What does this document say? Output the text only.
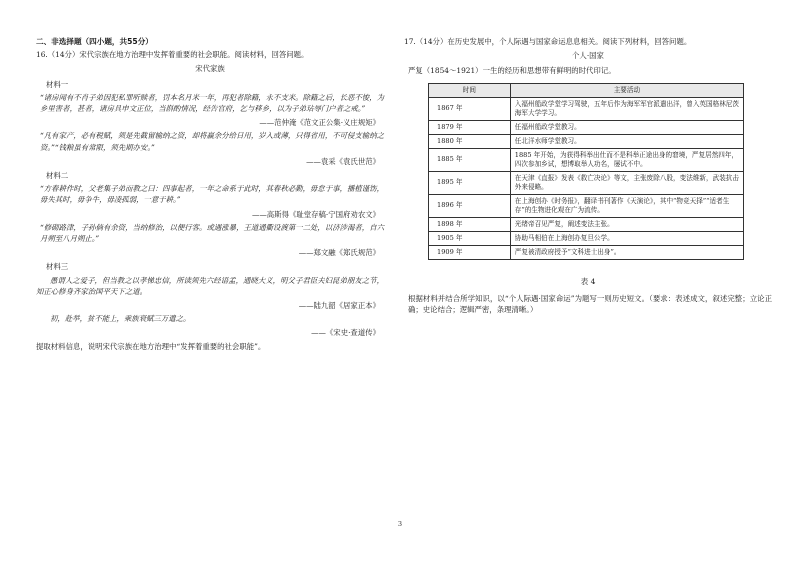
二、非选择题（四小题，共55分）
16.（14分）宋代宗族在地方治理中发挥着重要的社会职能。阅读材料，回答问题。
宋代家族
材料一
“诸房闻有不肖子弟因犯私罪听赎者，罚本名月米一年，再犯者除籍，永不支米。除籍之后，长恶不悛，为乡里害者，甚者，诸房具申文正位，当斟酌情况，经告官府，乞与移乡，以为子弟玷辱门户者之戒。”
——范仲淹《范文正公集·义庄规矩》
“凡有家产，必有税赋，须是先截留输纳之资，却将赢余分给日用，岁入或薄，只得省用，不可侵支输纳之资。”“钱粮虽有常限，须先期办安。”
——袁采《袁氏世范》
材料二
“方春耕作时，父老集子弟而教之曰：四事起者，一年之命系于此时，其春秋必勤，毋怠于事，播植谨饬，毋失其时，毋争牛，毋凌孤弱，一意于耕。”
——高斯得《耻堂存稿·宁国府劝农文》
“修砌路津，子孙倘有余资，当纳修治，以便行客。或遇涨暴，王道通衢设渡第一二处，以济涉渴者，自六月朔至八月朔止。”
——郑文融《郑氏规范》
材料三
愚谓人之爱子，但当教之以孝悌忠信，所读须先六经语孟，通晓大义，明父子君臣夫妇昆弟朋友之节，知正心修身齐家治国平天下之道。
——陆九韶《居家正本》
初，赴举，贫不能上，乘族衰赋三万遣之。
——《宋史·查道传》
提取材料信息，说明宋代宗族在地方治理中“发挥着重要的社会职能”。
17.（14分）在历史发展中，个人际遇与国家命运息息相关。阅读下列材料，回答问题。
个人·国家
严复（1854～1921）一生的经历和思想带有鲜明的时代印记。
时间	主要活动
1867 年	入福州船政学堂学习驾驶，五年后作为海军军官派遣出洋，曾入英国格林尼茨海军大学学习。
1879 年	任福州船政学堂教习。
1880 年	任北洋水师学堂教习。
1885 年	1885 年开始，为获得科举出仕而不是科举正途出身的窘境，严复居然四年，四次参加乡试，想博取举人功名，屡试不中。
1895 年	在天津《直报》发表《救亡决论》等文，主张废除八股，变法维新，武装抗击外来侵略。
1896 年	在上海创办《时务报》，翻译书刊著作《天演论》，其中“物竞天择”“适者生存”的生物进化观在广为流传。
1898 年	光绪帝召见严复，阐述变法主张。
1905 年	协助马相伯在上海创办复旦公学。
1909 年	严复被清政府授予“文科进士出身”。
表 4
根据材料并结合所学知识，以“个人际遇·国家命运”为题写一则历史短文。（要求：表述成文，叙述完整；立论正确；史论结合；逻辑严密，条理清晰。）
3
